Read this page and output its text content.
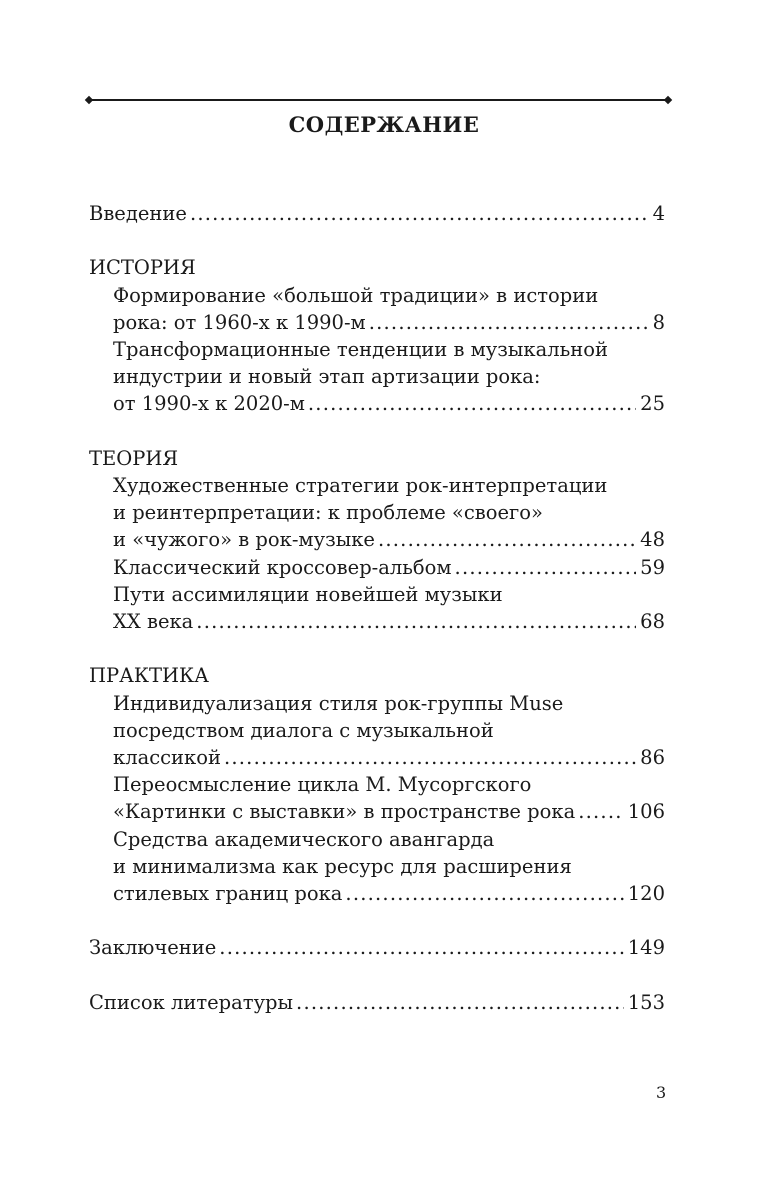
СОДЕРЖАНИЕ
Введение .....	4
ИСТОРИЯ
Формирование «большой традиции» в истории
рока: от 1960-х к 1990-м .....	8
Трансформационные тенденции в музыкальной
индустрии и новый этап артизации рока:
от 1990-х к 2020-м .....	25
ТЕОРИЯ
Художественные стратегии рок-интерпретации
и реинтерпретации: к проблеме «своего»
и «чужого» в рок-музыке .....	48
Классический кроссовер-альбом .....	59
Пути ассимиляции новейшей музыки
XX века .....	68
ПРАКТИКА
Индивидуализация стиля рок-группы Muse
посредством диалога с музыкальной
классикой .....	86
Переосмысление цикла М. Мусоргского
«Картинки с выставки» в пространстве рока .....	106
Средства академического авангарда
и минимализма как ресурс для расширения
стилевых границ рока .....	120
Заключение .....	149
Список литературы .....	153
3
